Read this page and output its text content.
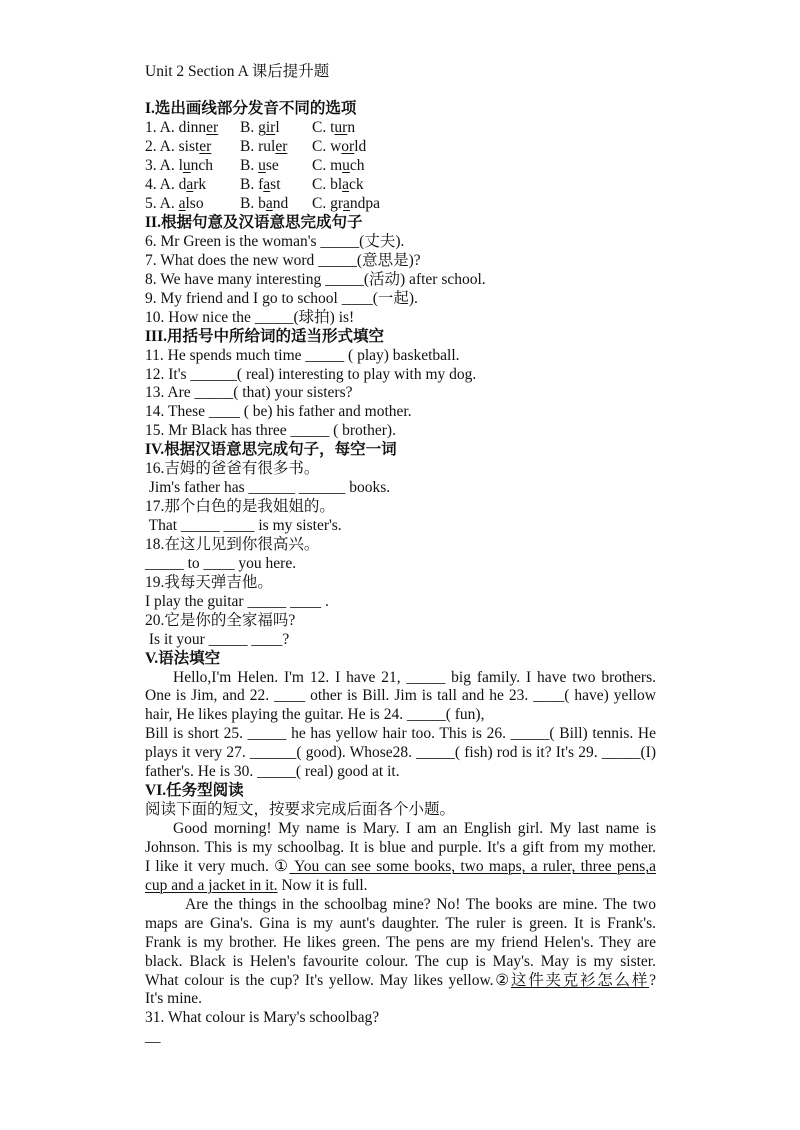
Unit 2 Section A 课后提升题
I.选出画线部分发音不同的选项
1. A. dinner	B. girl	C. turn
2. A. sister	B. ruler	C. world
3. A. lunch	B. use	C. much
4. A. dark	B. fast	C. black
5. A. also	B. band	C. grandpa
II.根据句意及汉语意思完成句子
6. Mr Green is the woman's _____(丈夫).
7. What does the new word _____(意思是)?
8. We have many interesting _____(活动) after school.
9. My friend and I go to school ____(一起).
10. How nice the _____(球拍) is!
III.用括号中所给词的适当形式填空
11. He spends much time _____ ( play) basketball.
12. It's ______( real) interesting to play with my dog.
13. Are _____( that) your sisters?
14. These ____ ( be) his father and mother.
15. Mr Black has three _____ ( brother).
IV.根据汉语意思完成句子，每空一词
16.吉姆的爸爸有很多书。
Jim's father has ______ ______ books.
17.那个白色的是我姐姐的。
That _____ ____ is my sister's.
18.在这儿见到你很高兴。
_____ to ____ you here.
19.我每天弹吉他。
I play the guitar _____ ____ .
20.它是你的全家福吗?
Is it your _____ ____?
V.语法填空
Hello,I'm Helen. I'm 12. I have 21, _____ big family. I have two brothers.
One is Jim, and 22. ____ other is Bill. Jim is tall and he 23. ____( have) yellow
hair, He likes playing the guitar. He is 24. _____( fun),
Bill is short 25. _____ he has yellow hair too. This is 26. _____( Bill) tennis. He
plays it very 27. ______( good). Whose28. _____( fish) rod is it? It's 29. _____(I)
father's. He is 30. _____( real) good at it.
VI.任务型阅读
阅读下面的短文，按要求完成后面各个小题。
Good morning! My name is Mary. I am an English girl. My last name is
Johnson. This is my schoolbag. It is blue and purple. It's a gift from my mother.
I like it very much. ① You can see some books, two maps, a ruler, three pens,a
cup and a jacket in it. Now it is full.
Are the things in the schoolbag mine? No! The books are mine. The two
maps are Gina's. Gina is my aunt's daughter. The ruler is green. It is Frank's.
Frank is my brother. He likes green. The pens are my friend Helen's. They are
black. Black is Helen's favourite colour. The cup is May's. May is my sister.
What colour is the cup? It's yellow. May likes yellow.②这件夹克衫怎么样?
It's mine.
31. What colour is Mary's schoolbag?
__
